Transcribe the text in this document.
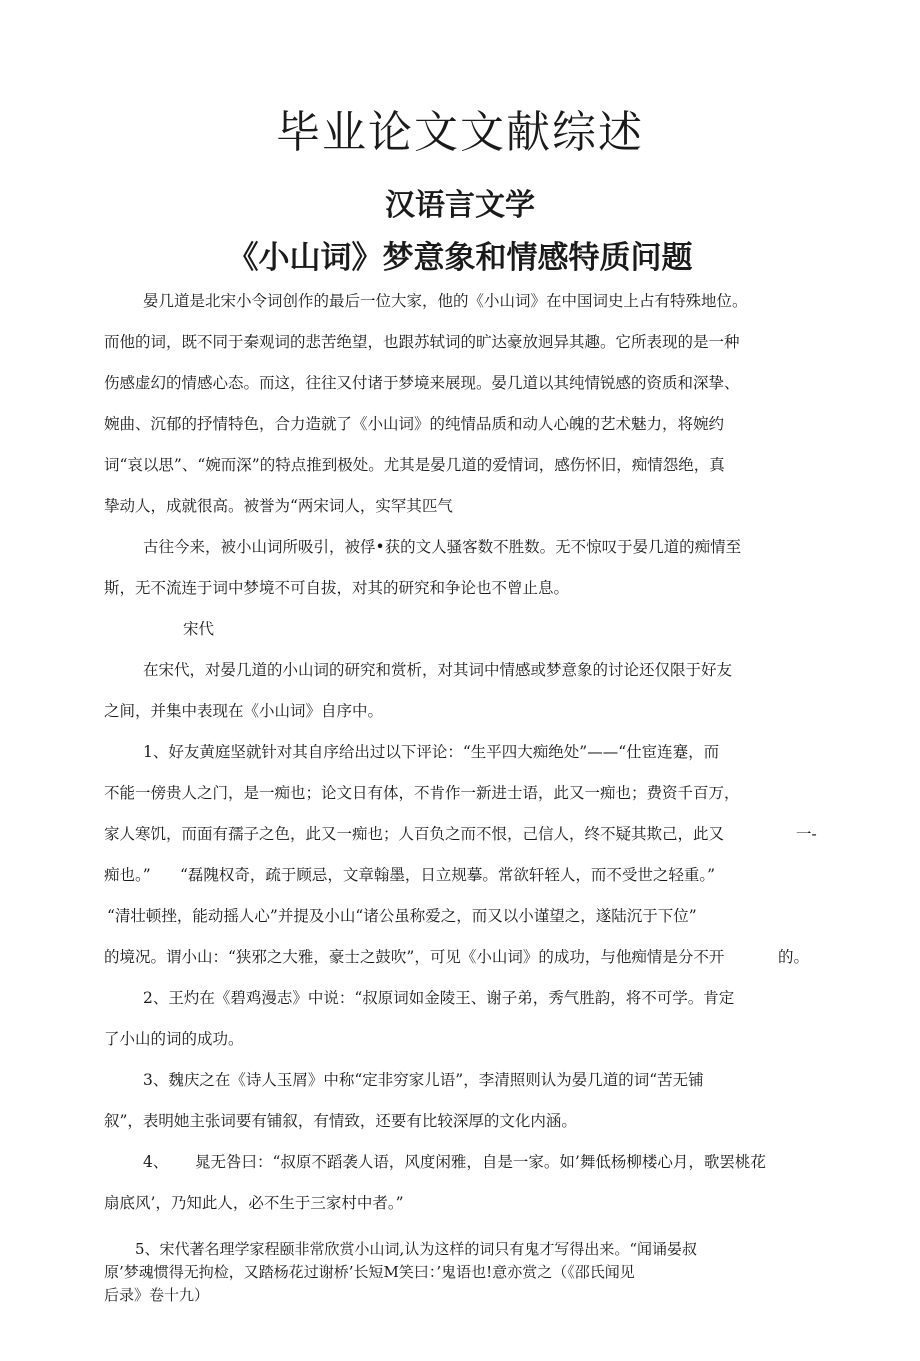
毕业论文文献综述
汉语言文学
《小山词》梦意象和情感特质问题

晏几道是北宋小令词创作的最后一位大家，他的《小山词》在中国词史上占有特殊地位。

而他的词，既不同于秦观词的悲苦绝望，也跟苏轼词的旷达豪放迥异其趣。它所表现的是一种

伤感虚幻的情感心态。而这，往往又付诸于梦境来展现。晏几道以其纯情锐感的资质和深挚、

婉曲、沉郁的抒情特色，合力造就了《小山词》的纯情品质和动人心魄的艺术魅力，将婉约

词“哀以思”、“婉而深”的特点推到极处。尤其是晏几道的爱情词，感伤怀旧，痴情怨绝，真

挚动人，成就很高。被誉为“两宋词人，实罕其匹气

古往今来，被小山词所吸引，被俘•获的文人骚客数不胜数。无不惊叹于晏几道的痴情至

斯，无不流连于词中梦境不可自拔，对其的研究和争论也不曾止息。

宋代

在宋代，对晏几道的小山词的研究和赏析，对其词中情感或梦意象的讨论还仅限于好友

之间，并集中表现在《小山词》自序中。

1、好友黄庭坚就针对其自序给出过以下评论：“生平四大痴绝处”——“仕宦连蹇，而

不能一傍贵人之门，是一痴也；论文日有体，不肯作一新进士语，此又一痴也；费资千百万，

家人寒饥，而面有孺子之色，此又一痴也；人百负之而不恨，己信人，终不疑其欺己，此又	一-

痴也。” “磊隗权奇，疏于顾忌，文章翰墨，日立规摹。常欲轩轾人，而不受世之轻重。”

“清壮顿挫，能动摇人心”并提及小山“诸公虽称爱之，而又以小谨望之，遂陆沉于下位”

的境况。谓小山：“狭邪之大雅，豪士之鼓吹”，可见《小山词》的成功，与他痴情是分不开	的。

2、王灼在《碧鸡漫志》中说：“叔原词如金陵王、谢子弟，秀气胜韵，将不可学。肯定

了小山的词的成功。

3、魏庆之在《诗人玉屑》中称“定非穷家儿语”，李清照则认为晏几道的词“苦无铺

叙”，表明她主张词要有铺叙，有情致，还要有比较深厚的文化内涵。

4、 晁无咎曰：“叔原不蹈袭人语，风度闲雅，自是一家。如’舞低杨柳楼心月，歌罢桃花

扇底风’，乃知此人，必不生于三家村中者。”

5、宋代著名理学家程颐非常欣赏小山词,认为这样的词只有鬼才写得出来。“闻诵晏叔

原’梦魂惯得无拘检，又踏杨花过谢桥’长短M笑曰：’鬼语也!意亦赏之（《邵氏闻见

后录》卷十九）
